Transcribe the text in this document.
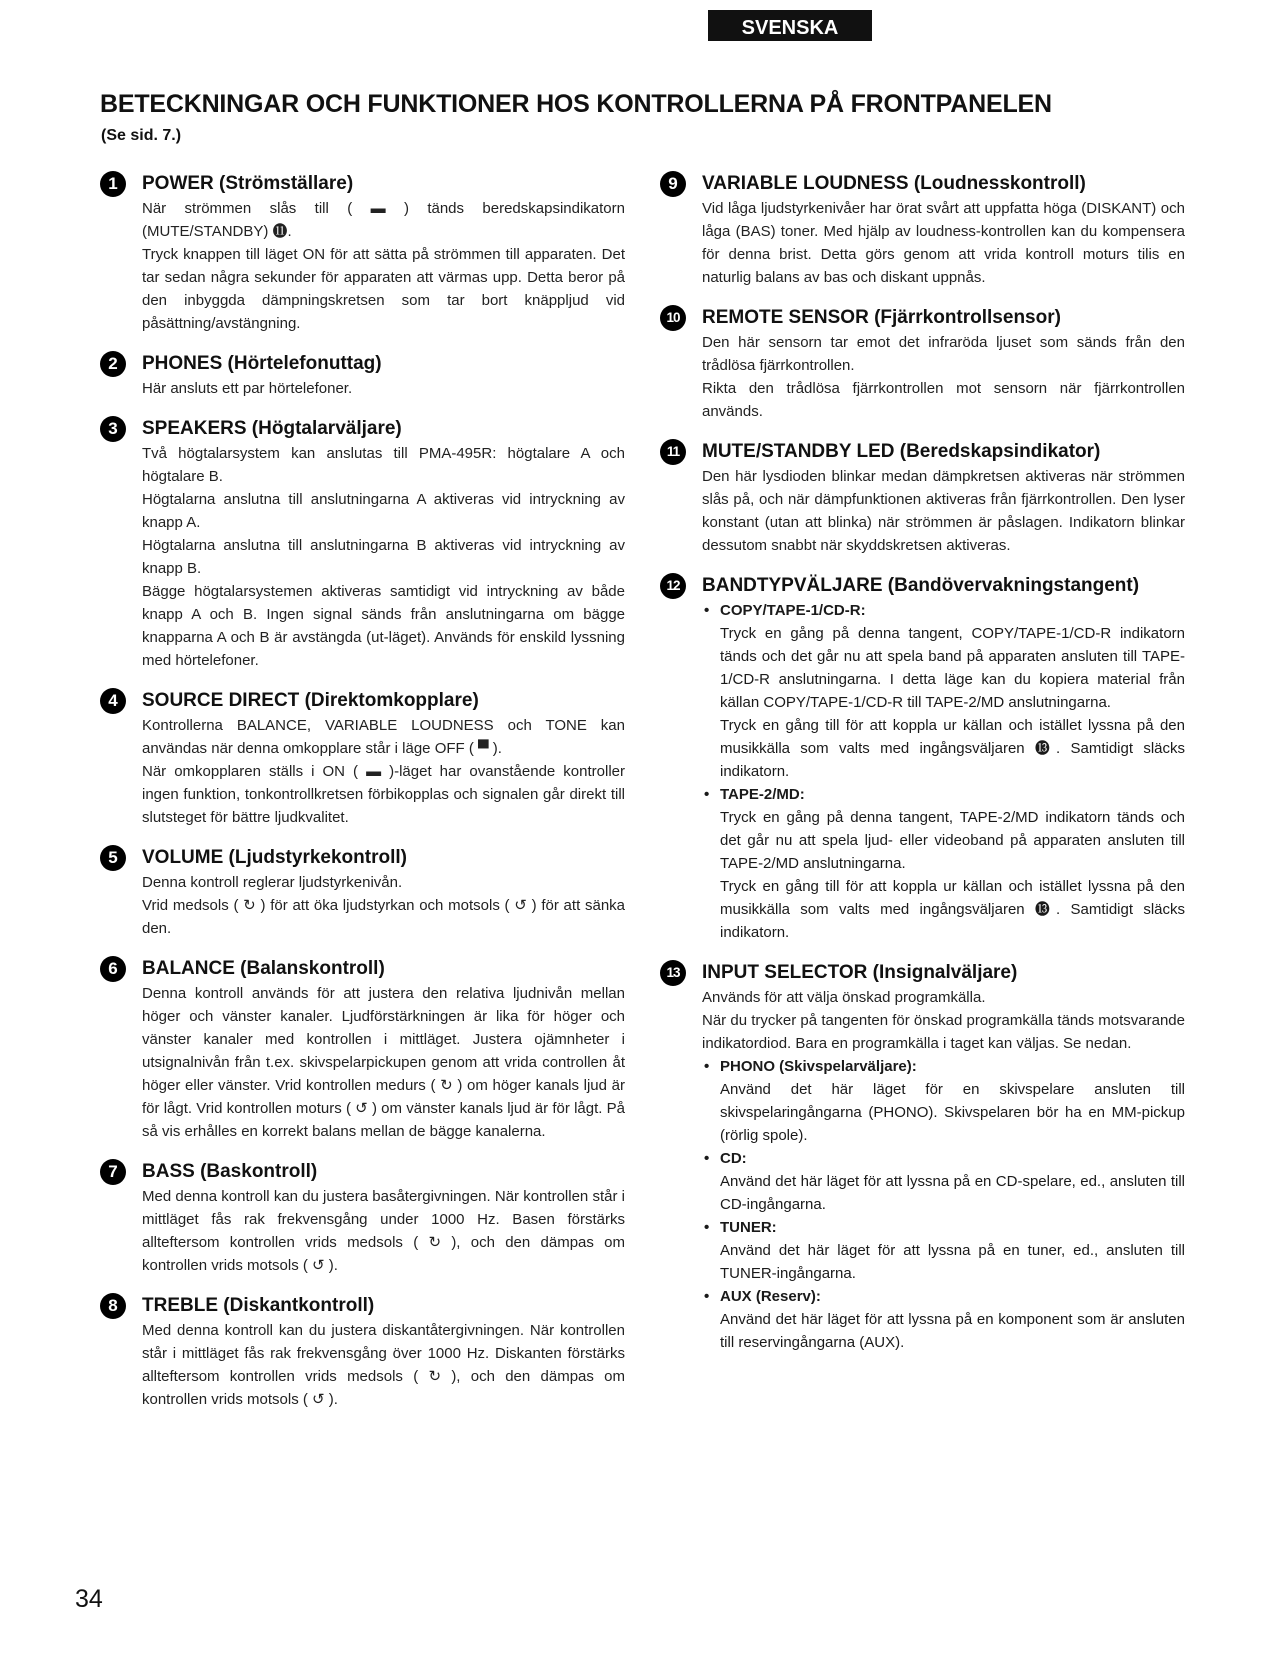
SVENSKA
BETECKNINGAR OCH FUNKTIONER HOS KONTROLLERNA PÅ FRONTPANELEN
(Se sid. 7.)
1	POWER (Strömställare)

När strömmen slås till ( ▬ ) tänds beredskapsindikatorn (MUTE/STANDBY) ⓫.

Tryck knappen till läget ON för att sätta på strömmen till apparaten. Det tar sedan några sekunder för apparaten att värmas upp. Detta beror på den inbyggda dämpningskretsen som tar bort knäppljud vid påsättning/avstängning.

2	PHONES (Hörtelefonuttag)

Här ansluts ett par hörtelefoner.

3	SPEAKERS (Högtalarväljare)

Två högtalarsystem kan anslutas till PMA-495R: högtalare A och högtalare B.

Högtalarna anslutna till anslutningarna A aktiveras vid intryckning av knapp A.

Högtalarna anslutna till anslutningarna B aktiveras vid intryckning av knapp B.

Bägge högtalarsystemen aktiveras samtidigt vid intryckning av både knapp A och B. Ingen signal sänds från anslutningarna om bägge knapparna A och B är avstängda (ut-läget). Används för enskild lyssning med hörtelefoner.

4	SOURCE DIRECT (Direktomkopplare)

Kontrollerna BALANCE, VARIABLE LOUDNESS och TONE kan användas när denna omkopplare står i läge OFF ( ▀ ).

När omkopplaren ställs i ON ( ▬ )-läget har ovanstående kontroller ingen funktion, tonkontrollkretsen förbikopplas och signalen går direkt till slutsteget för bättre ljudkvalitet.

5	VOLUME (Ljudstyrkekontroll)

Denna kontroll reglerar ljudstyrkenivån.

Vrid medsols ( ↻ ) för att öka ljudstyrkan och motsols ( ↺ ) för att sänka den.

6	BALANCE (Balanskontroll)

Denna kontroll används för att justera den relativa ljudnivån mellan höger och vänster kanaler. Ljudförstärkningen är lika för höger och vänster kanaler med kontrollen i mittläget. Justera ojämnheter i utsignalnivån från t.ex. skivspelarpickupen genom att vrida controllen åt höger eller vänster. Vrid kontrollen medurs ( ↻ ) om höger kanals ljud är för lågt. Vrid kontrollen moturs ( ↺ ) om vänster kanals ljud är för lågt. På så vis erhålles en korrekt balans mellan de bägge kanalerna.

7	BASS (Baskontroll)

Med denna kontroll kan du justera basåtergivningen. När kontrollen står i mittläget fås rak frekvensgång under 1000 Hz. Basen förstärks allteftersom kontrollen vrids medsols ( ↻ ), och den dämpas om kontrollen vrids motsols ( ↺ ).

8	TREBLE (Diskantkontroll)

Med denna kontroll kan du justera diskantåtergivningen. När kontrollen står i mittläget fås rak frekvensgång över 1000 Hz. Diskanten förstärks allteftersom kontrollen vrids medsols ( ↻ ), och den dämpas om kontrollen vrids motsols ( ↺ ).

9	VARIABLE LOUDNESS (Loudnesskontroll)

Vid låga ljudstyrkenivåer har örat svårt att uppfatta höga (DISKANT) och låga (BAS) toner. Med hjälp av loudness-kontrollen kan du kompensera för denna brist. Detta görs genom att vrida kontroll moturs tilis en naturlig balans av bas och diskant uppnås.

10	REMOTE SENSOR (Fjärrkontrollsensor)

Den här sensorn tar emot det infraröda ljuset som sänds från den trådlösa fjärrkontrollen.

Rikta den trådlösa fjärrkontrollen mot sensorn när fjärrkontrollen används.

11	MUTE/STANDBY LED (Beredskapsindikator)

Den här lysdioden blinkar medan dämpkretsen aktiveras när strömmen slås på, och när dämpfunktionen aktiveras från fjärrkontrollen. Den lyser konstant (utan att blinka) när strömmen är påslagen. Indikatorn blinkar dessutom snabbt när skyddskretsen aktiveras.

12	BANDTYPVÄLJARE (Bandövervakningstangent)
• COPY/TAPE-1/CD-R:

Tryck en gång på denna tangent, COPY/TAPE-1/CD-R indikatorn tänds och det går nu att spela band på apparaten ansluten till TAPE-1/CD-R anslutningarna. I detta läge kan du kopiera material från källan COPY/TAPE-1/CD-R till TAPE-2/MD anslutningarna.

Tryck en gång till för att koppla ur källan och istället lyssna på den musikkälla som valts med ingångsväljaren ⓭. Samtidigt släcks indikatorn.

• TAPE-2/MD:

Tryck en gång på denna tangent, TAPE-2/MD indikatorn tänds och det går nu att spela ljud- eller videoband på apparaten ansluten till TAPE-2/MD anslutningarna.

Tryck en gång till för att koppla ur källan och istället lyssna på den musikkälla som valts med ingångsväljaren ⓭. Samtidigt släcks indikatorn.

13	INPUT SELECTOR (Insignalväljare)

Används för att välja önskad programkälla.

När du trycker på tangenten för önskad programkälla tänds motsvarande indikatordiod. Bara en programkälla i taget kan väljas. Se nedan.

• PHONO (Skivspelarväljare):

Använd det här läget för en skivspelare ansluten till skivspelaringångarna (PHONO). Skivspelaren bör ha en MM-pickup (rörlig spole).

• CD:

Använd det här läget för att lyssna på en CD-spelare, ed., ansluten till CD-ingångarna.

• TUNER:

Använd det här läget för att lyssna på en tuner, ed., ansluten till TUNER-ingångarna.

• AUX (Reserv):

Använd det här läget för att lyssna på en komponent som är ansluten till reservingångarna (AUX).

34
